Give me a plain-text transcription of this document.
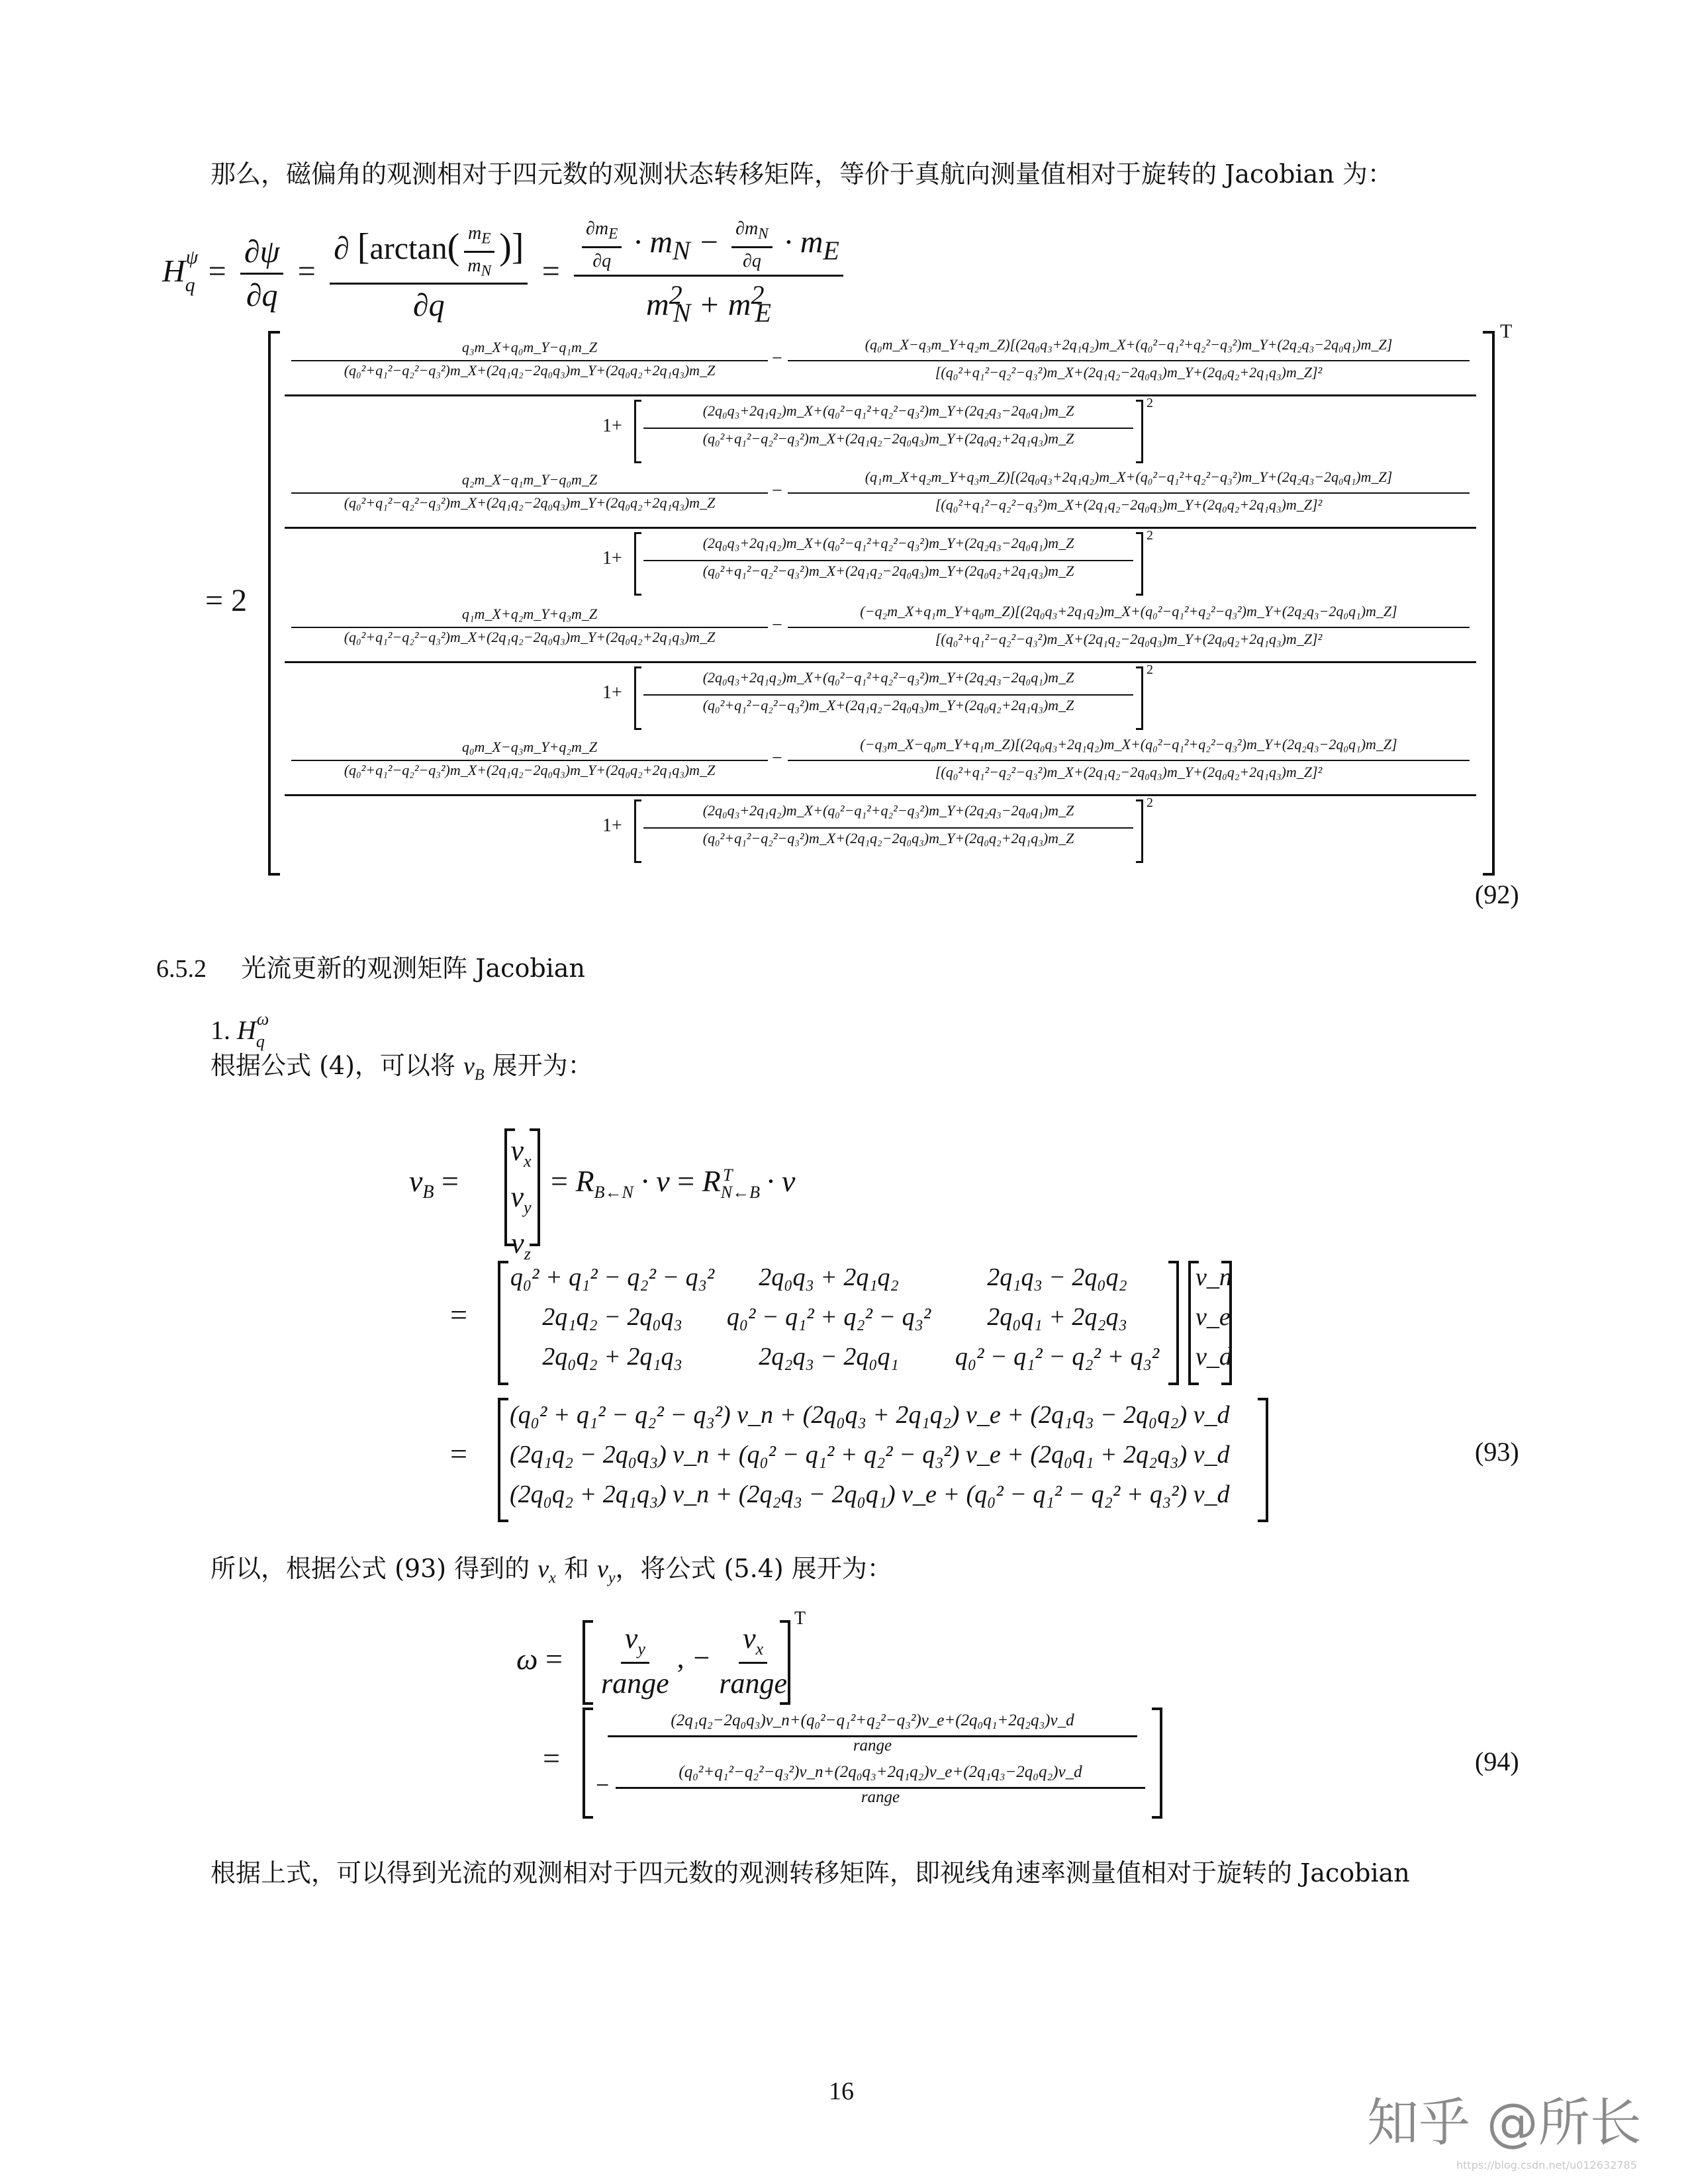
那么，磁偏角的观测相对于四元数的观测状态转移矩阵，等价于真航向测量值相对于旋转的 Jacobian 为：
$Hq\psi = \frac{\partial\psi}{\partial q} = \frac{\partial [\arctan( \frac{m_E}{m_N} )]}{\partial q} = \frac{\frac{\partial m_E}{\partial q} \cdot m_N - \frac{\partial m_N}{\partial q} \cdot m_E}{m^2_N + m^2_E}$
= 2
T
q₃m_X+q₀m_Y−q₁m_Z
(q₀²+q₁²−q₂²−q₃²)m_X+(2q₁q₂−2q₀q₃)m_Y+(2q₀q₂+2q₁q₃)m_Z
−
(q₀m_X−q₃m_Y+q₂m_Z)[(2q₀q₃+2q₁q₂)m_X+(q₀²−q₁²+q₂²−q₃²)m_Y+(2q₂q₃−2q₀q₁)m_Z]
[(q₀²+q₁²−q₂²−q₃²)m_X+(2q₁q₂−2q₀q₃)m_Y+(2q₀q₂+2q₁q₃)m_Z]²
1+
(2q₀q₃+2q₁q₂)m_X+(q₀²−q₁²+q₂²−q₃²)m_Y+(2q₂q₃−2q₀q₁)m_Z
(q₀²+q₁²−q₂²−q₃²)m_X+(2q₁q₂−2q₀q₃)m_Y+(2q₀q₂+2q₁q₃)m_Z
2
q₂m_X−q₁m_Y−q₀m_Z
(q₀²+q₁²−q₂²−q₃²)m_X+(2q₁q₂−2q₀q₃)m_Y+(2q₀q₂+2q₁q₃)m_Z
−
(q₁m_X+q₂m_Y+q₃m_Z)[(2q₀q₃+2q₁q₂)m_X+(q₀²−q₁²+q₂²−q₃²)m_Y+(2q₂q₃−2q₀q₁)m_Z]
[(q₀²+q₁²−q₂²−q₃²)m_X+(2q₁q₂−2q₀q₃)m_Y+(2q₀q₂+2q₁q₃)m_Z]²
1+
(2q₀q₃+2q₁q₂)m_X+(q₀²−q₁²+q₂²−q₃²)m_Y+(2q₂q₃−2q₀q₁)m_Z
(q₀²+q₁²−q₂²−q₃²)m_X+(2q₁q₂−2q₀q₃)m_Y+(2q₀q₂+2q₁q₃)m_Z
2
q₁m_X+q₂m_Y+q₃m_Z
(q₀²+q₁²−q₂²−q₃²)m_X+(2q₁q₂−2q₀q₃)m_Y+(2q₀q₂+2q₁q₃)m_Z
−
(−q₂m_X+q₁m_Y+q₀m_Z)[(2q₀q₃+2q₁q₂)m_X+(q₀²−q₁²+q₂²−q₃²)m_Y+(2q₂q₃−2q₀q₁)m_Z]
[(q₀²+q₁²−q₂²−q₃²)m_X+(2q₁q₂−2q₀q₃)m_Y+(2q₀q₂+2q₁q₃)m_Z]²
1+
(2q₀q₃+2q₁q₂)m_X+(q₀²−q₁²+q₂²−q₃²)m_Y+(2q₂q₃−2q₀q₁)m_Z
(q₀²+q₁²−q₂²−q₃²)m_X+(2q₁q₂−2q₀q₃)m_Y+(2q₀q₂+2q₁q₃)m_Z
2
q₀m_X−q₃m_Y+q₂m_Z
(q₀²+q₁²−q₂²−q₃²)m_X+(2q₁q₂−2q₀q₃)m_Y+(2q₀q₂+2q₁q₃)m_Z
−
(−q₃m_X−q₀m_Y+q₁m_Z)[(2q₀q₃+2q₁q₂)m_X+(q₀²−q₁²+q₂²−q₃²)m_Y+(2q₂q₃−2q₀q₁)m_Z]
[(q₀²+q₁²−q₂²−q₃²)m_X+(2q₁q₂−2q₀q₃)m_Y+(2q₀q₂+2q₁q₃)m_Z]²
1+
(2q₀q₃+2q₁q₂)m_X+(q₀²−q₁²+q₂²−q₃²)m_Y+(2q₂q₃−2q₀q₁)m_Z
(q₀²+q₁²−q₂²−q₃²)m_X+(2q₁q₂−2q₀q₃)m_Y+(2q₀q₂+2q₁q₃)m_Z
2
(92)
6.5.2 光流更新的观测矩阵 Jacobian
1. Hqω
根据公式 (4)，可以将 $v_B$ 展开为：
$v_B$ =
$v_x$
$v_y$
$v_z$
= $R_{B\leftarrow N} \cdot v = R_{N\leftarrow B}^T \cdot v$
=
q₀² + q₁² − q₂² − q₃²	2q₀q₃ + 2q₁q₂	2q₁q₃ − 2q₀q₂
2q₁q₂ − 2q₀q₃	q₀² − q₁² + q₂² − q₃²	2q₀q₁ + 2q₂q₃
2q₀q₂ + 2q₁q₃	2q₂q₃ − 2q₀q₁	q₀² − q₁² − q₂² + q₃²
v_n
v_e
v_d
=
(q₀² + q₁² − q₂² − q₃²) v_n + (2q₀q₃ + 2q₁q₂) v_e + (2q₁q₃ − 2q₀q₂) v_d
(2q₁q₂ − 2q₀q₃) v_n + (q₀² − q₁² + q₂² − q₃²) v_e + (2q₀q₁ + 2q₂q₃) v_d
(2q₀q₂ + 2q₁q₃) v_n + (2q₂q₃ − 2q₀q₁) v_e + (q₀² − q₁² − q₂² + q₃²) v_d
(93)
所以，根据公式 (93) 得到的 $v_x$ 和 $v_y$，将公式 (5.4) 展开为：
$\omega = \frac{v_y}{\text{range}}$ , − $\frac{v_x}{\text{range}}$
T
=
(2q₁q₂−2q₀q₃)v_n+(q₀²−q₁²+q₂²−q₃²)v_e+(2q₀q₁+2q₂q₃)v_d
range
−	(q₀²+q₁²−q₂²−q₃²)v_n+(2q₀q₃+2q₁q₂)v_e+(2q₁q₃−2q₀q₂)v_d
range
(94)
根据上式，可以得到光流的观测相对于四元数的观测转移矩阵，即视线角速率测量值相对于旋转的 Jacobian
16
知乎 @所长
https://blog.csdn.net/u012632785
